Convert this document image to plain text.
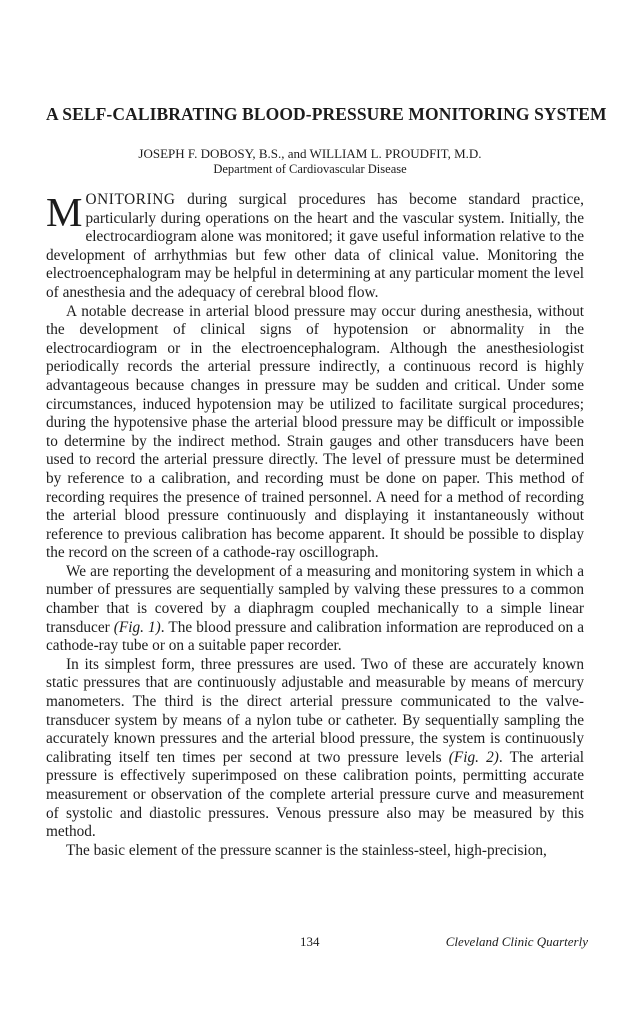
A SELF-CALIBRATING BLOOD-PRESSURE MONITORING SYSTEM

JOSEPH F. DOBOSY, B.S., and WILLIAM L. PROUDFIT, M.D.

Department of Cardiovascular Disease

MONITORING during surgical procedures has become standard practice, particularly during operations on the heart and the vascular system. Initially, the electrocardiogram alone was monitored; it gave useful information relative to the development of arrhythmias but few other data of clinical value. Monitoring the electroencephalogram may be helpful in determining at any particular moment the level of anesthesia and the adequacy of cerebral blood flow.

A notable decrease in arterial blood pressure may occur during anesthesia, without the development of clinical signs of hypotension or abnormality in the electrocardiogram or in the electroencephalogram. Although the anesthesiologist periodically records the arterial pressure indirectly, a continuous record is highly advantageous because changes in pressure may be sudden and critical. Under some circumstances, induced hypotension may be utilized to facilitate surgical procedures; during the hypotensive phase the arterial blood pressure may be difficult or impossible to determine by the indirect method. Strain gauges and other transducers have been used to record the arterial pressure directly. The level of pressure must be determined by reference to a calibration, and recording must be done on paper. This method of recording requires the presence of trained personnel. A need for a method of recording the arterial blood pressure continuously and displaying it instantaneously without reference to previous calibration has become apparent. It should be possible to display the record on the screen of a cathode-ray oscillograph.

We are reporting the development of a measuring and monitoring system in which a number of pressures are sequentially sampled by valving these pressures to a common chamber that is covered by a diaphragm coupled mechanically to a simple linear transducer (Fig. 1). The blood pressure and calibration information are reproduced on a cathode-ray tube or on a suitable paper recorder.

In its simplest form, three pressures are used. Two of these are accurately known static pressures that are continuously adjustable and measurable by means of mercury manometers. The third is the direct arterial pressure communicated to the valve-transducer system by means of a nylon tube or catheter. By sequentially sampling the accurately known pressures and the arterial blood pressure, the system is continuously calibrating itself ten times per second at two pressure levels (Fig. 2). The arterial pressure is effectively superimposed on these calibration points, permitting accurate measurement or observation of the complete arterial pressure curve and measurement of systolic and diastolic pressures. Venous pressure also may be measured by this method.

The basic element of the pressure scanner is the stainless-steel, high-precision,

134	Cleveland Clinic Quarterly
